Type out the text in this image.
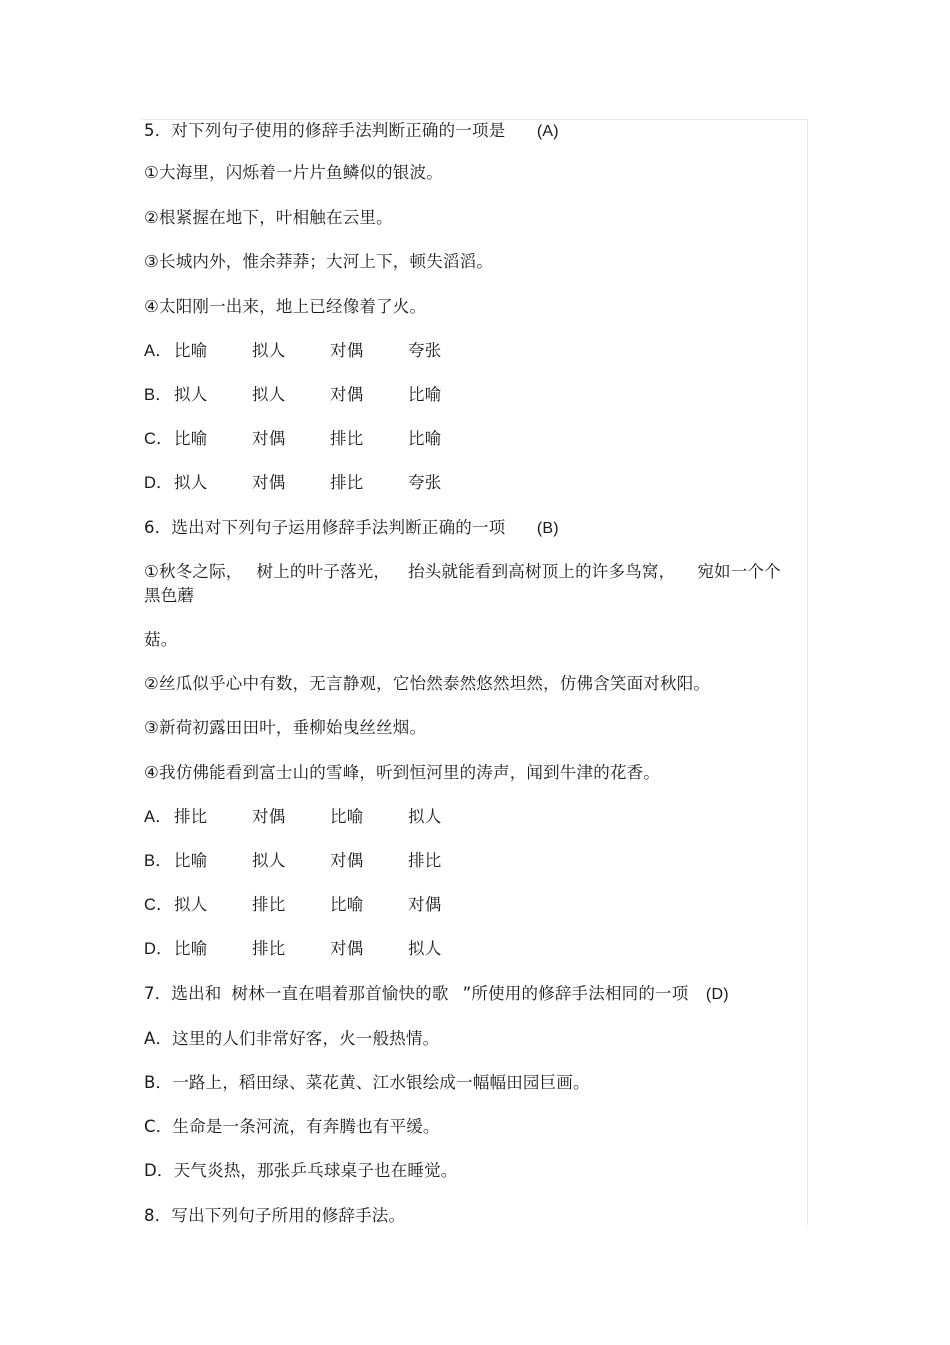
5．对下列句子使用的修辞手法判断正确的一项是 (A)
①大海里，闪烁着一片片鱼鳞似的银波。
②根紧握在地下，叶相触在云里。
③长城内外，惟余莽莽；大河上下，顿失滔滔。
④太阳刚一出来，地上已经像着了火。
A． 比喻	拟人	对偶	夸张
B． 拟人	拟人	对偶	比喻
C．比喻	对偶	排比	比喻
D．拟人	对偶	排比	夸张
6．选出对下列句子运用修辞手法判断正确的一项 (B)
①秋冬之际， 树上的叶子落光， 抬头就能看到高树顶上的许多鸟窝， 宛如一个个
黑色蘑
菇。
②丝瓜似乎心中有数，无言静观，它怡然泰然悠然坦然，仿佛含笑面对秋阳。
③新荷初露田田叶，垂柳始曳丝丝烟。
④我仿佛能看到富士山的雪峰，听到恒河里的涛声，闻到牛津的花香。
A． 排比	对偶	比喻	拟人
B． 比喻	拟人	对偶	排比
C．拟人	排比	比喻	对偶
D．比喻	排比	对偶	拟人
7．选出和 树林一直在唱着那首愉快的歌 ”所使用的修辞手法相同的一项 (D)
A．这里的人们非常好客，火一般热情。
B．一路上，稻田绿、菜花黄、江水银绘成一幅幅田园巨画。
C．生命是一条河流，有奔腾也有平缓。
D．天气炎热，那张乒乓球桌子也在睡觉。
8．写出下列句子所用的修辞手法。
